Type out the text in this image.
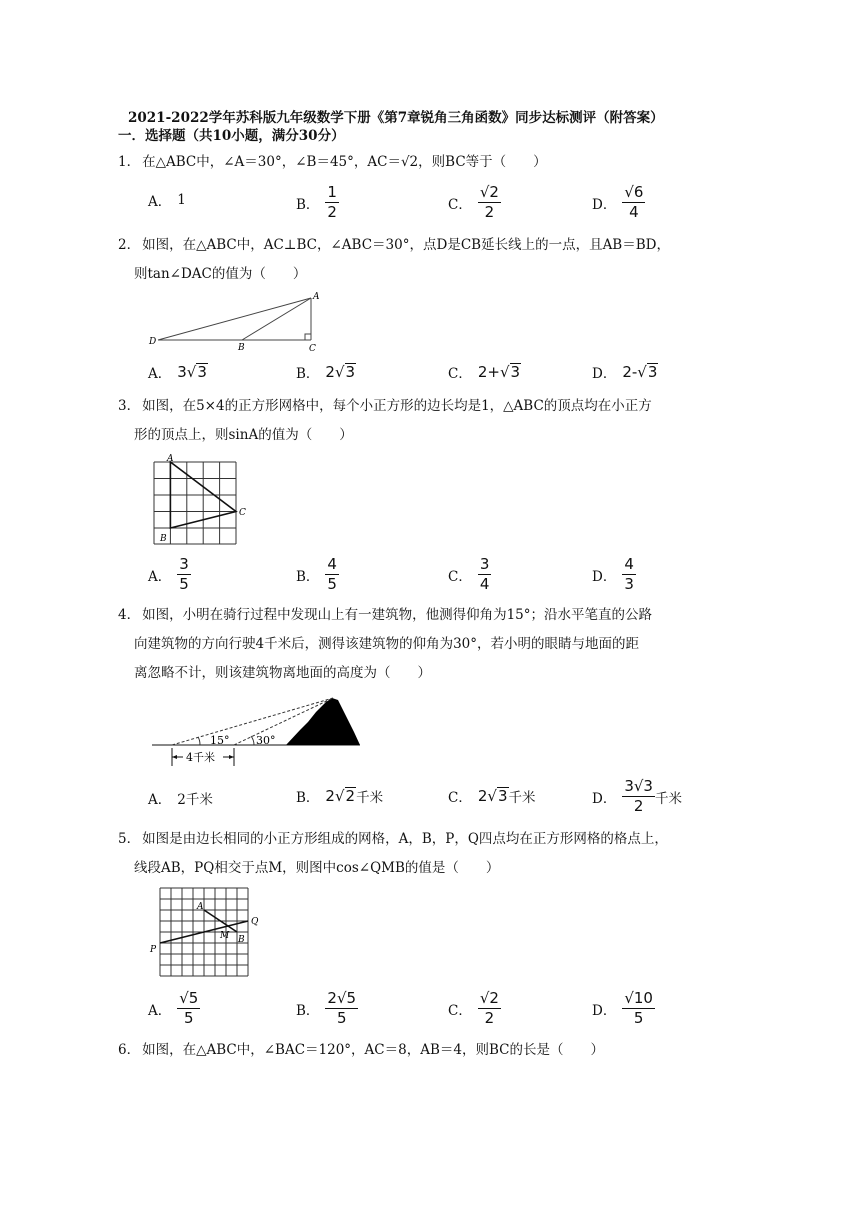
2021-2022学年苏科版九年级数学下册《第7章锐角三角函数》同步达标测评（附答案）
一．选择题（共10小题，满分30分）
1． 在△ABC中，∠A＝30°，∠B＝45°，AC＝√2，则BC等于（　　）
A． 1	B． $\frac{1}{2}$	C． $\frac{√2}{2}$	D． $\frac{√6}{4}$
2． 如图，在△ABC中，AC⊥BC，∠ABC＝30°，点D是CB延长线上的一点，且AB＝BD，
则tan∠DAC的值为（　　）
D
B	C
A
A． 3 √ 3	B． 2 √ 3	C． 2+ √ 3	D． 2- √ 3
3． 如图，在5×4的正方形网格中，每个小正方形的边长均是1，△ABC的顶点均在小正方
形的顶点上，则sinA的值为（　　）
A
B
C
A． $\frac{3}{5}$	B． $\frac{4}{5}$	C． $\frac{3}{4}$	D． $\frac{4}{3}$
4． 如图，小明在骑行过程中发现山上有一建筑物，他测得仰角为15°；沿水平笔直的公路
向建筑物的方向行驶4千米后，测得该建筑物的仰角为30°，若小明的眼睛与地面的距
离忽略不计，则该建筑物离地面的高度为（　　）
15° 30°
4千米
A． 2千米	B． 2 √ 2 千米	C． 2 √ 3 千米	D． $\frac{3√3}{2}$ 千米
5． 如图是由边长相同的小正方形组成的网格，A，B，P，Q四点均在正方形网格的格点上，
线段AB，PQ相交于点M，则图中cos∠QMB的值是（　　）
A
B
P
Q
M
A． $\frac{√5}{5}$	B． $\frac{2√5}{5}$	C． $\frac{√2}{2}$	D． $\frac{√10}{5}$
6． 如图，在△ABC中，∠BAC＝120°，AC＝8，AB＝4，则BC的长是（　　）
